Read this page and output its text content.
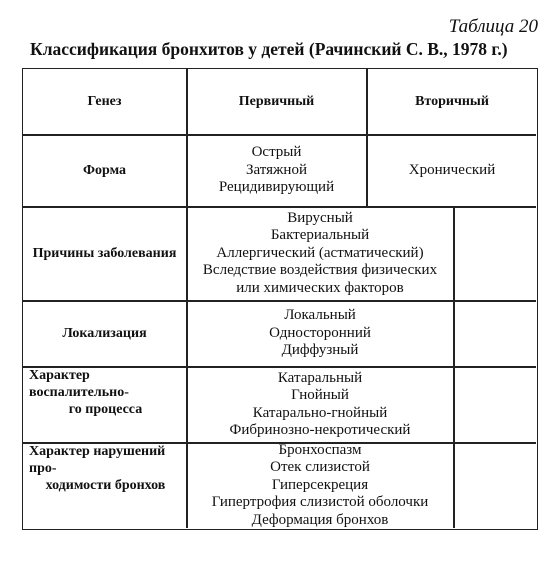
Таблица 20
Классификация бронхитов у детей (Рачинский С. В., 1978 г.)
Генез	Первичный	Вторичный
Форма
Острый
Затяжной
Рецидивирующий
Хронический
Причины заболевания
Вирусный
Бактериальный
Аллергический (астматический)
Вследствие воздействия физических
или химических факторов
Локализация
Локальный
Односторонний
Диффузный
Характер воспалительно-
го процесса
Катаральный
Гнойный
Катарально-гнойный
Фибринозно-некротический
Характер нарушений про-
ходимости бронхов
Бронхоспазм
Отек слизистой
Гиперсекреция
Гипертрофия слизистой оболочки
Деформация бронхов
